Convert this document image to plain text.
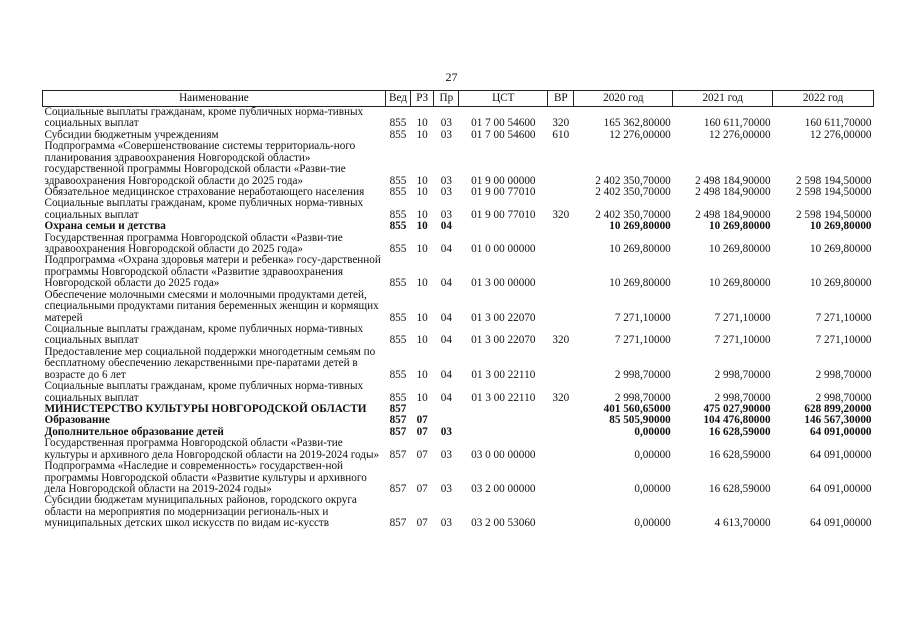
27
Наименование	Вед	РЗ	Пр	ЦСТ	ВР	2020 год	2021 год	2022 год
Социальные выплаты гражданам, кроме публичных норма-тивных социальных выплат	855	10	03	01 7 00 54600	320	165 362,80000	160 611,70000	160 611,70000
Субсидии бюджетным учреждениям	855	10	03	01 7 00 54600	610	12 276,00000	12 276,00000	12 276,00000
Подпрограмма «Совершенствование системы территориаль-ного планирования здравоохранения Новгородской области» государственной программы Новгородской области «Разви-тие здравоохранения Новгородской области до 2025 года»	855	10	03	01 9 00 00000		2 402 350,70000	2 498 184,90000	2 598 194,50000
Обязательное медицинское страхование неработающего населения	855	10	03	01 9 00 77010		2 402 350,70000	2 498 184,90000	2 598 194,50000
Социальные выплаты гражданам, кроме публичных норма-тивных социальных выплат	855	10	03	01 9 00 77010	320	2 402 350,70000	2 498 184,90000	2 598 194,50000
Охрана семьи и детства	855	10	04			10 269,80000	10 269,80000	10 269,80000
Государственная программа Новгородской области «Разви-тие здравоохранения Новгородской области до 2025 года»	855	10	04	01 0 00 00000		10 269,80000	10 269,80000	10 269,80000
Подпрограмма «Охрана здоровья матери и ребенка» госу-дарственной программы Новгородской области «Развитие здравоохранения Новгородской области до 2025 года»	855	10	04	01 3 00 00000		10 269,80000	10 269,80000	10 269,80000
Обеспечение молочными смесями и молочными продуктами детей, специальными продуктами питания беременных женщин и кормящих матерей	855	10	04	01 3 00 22070		7 271,10000	7 271,10000	7 271,10000
Социальные выплаты гражданам, кроме публичных норма-тивных социальных выплат	855	10	04	01 3 00 22070	320	7 271,10000	7 271,10000	7 271,10000
Предоставление мер социальной поддержки многодетным семьям по бесплатному обеспечению лекарственными пре-паратами детей в возрасте до 6 лет	855	10	04	01 3 00 22110		2 998,70000	2 998,70000	2 998,70000
Социальные выплаты гражданам, кроме публичных норма-тивных социальных выплат	855	10	04	01 3 00 22110	320	2 998,70000	2 998,70000	2 998,70000
МИНИСТЕРСТВО КУЛЬТУРЫ НОВГОРОДСКОЙ ОБЛАСТИ	857					401 560,65000	475 027,90000	628 899,20000
Образование	857	07				85 505,90000	104 476,80000	146 567,30000
Дополнительное образование детей	857	07	03			0,00000	16 628,59000	64 091,00000
Государственная программа Новгородской области «Разви-тие культуры и архивного дела Новгородской области на 2019-2024 годы»	857	07	03	03 0 00 00000		0,00000	16 628,59000	64 091,00000
Подпрограмма «Наследие и современность» государствен-ной программы Новгородской области «Развитие культуры и архивного дела Новгородской области на 2019-2024 годы»	857	07	03	03 2 00 00000		0,00000	16 628,59000	64 091,00000
Субсидии бюджетам муниципальных районов, городского округа области на мероприятия по модернизации региональ-ных и муниципальных детских школ искусств по видам ис-кусств	857	07	03	03 2 00 53060		0,00000	4 613,70000	64 091,00000
